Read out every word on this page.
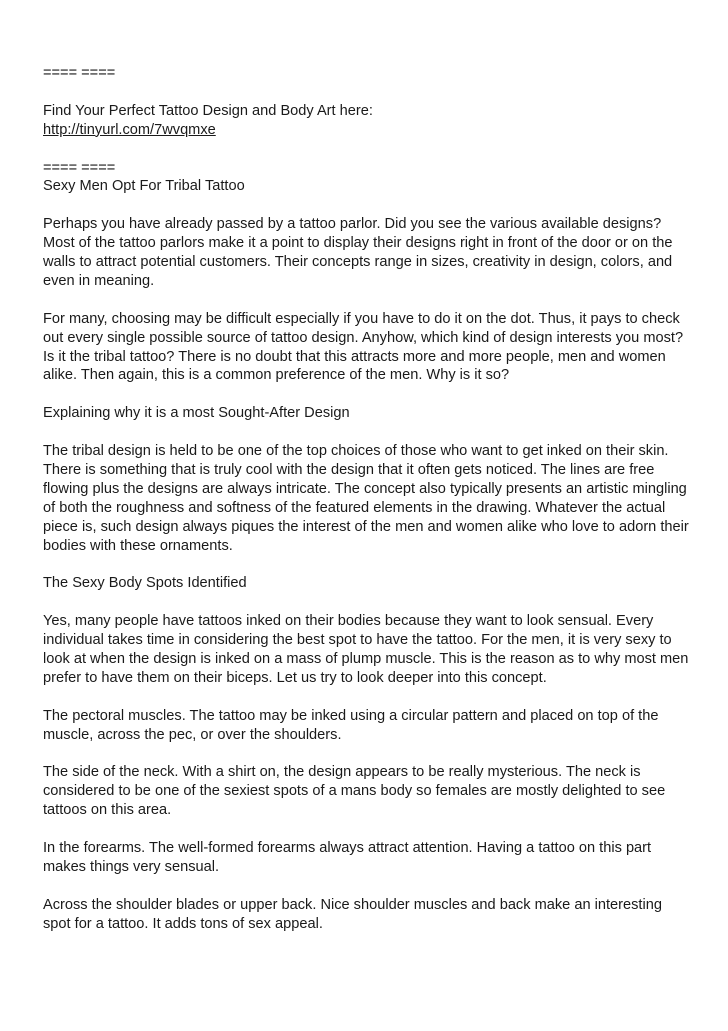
==== ====

Find Your Perfect Tattoo Design and Body Art here:

http://tinyurl.com/7wvqmxe

==== ====

Sexy Men Opt For Tribal Tattoo

Perhaps you have already passed by a tattoo parlor. Did you see the various available designs? Most of the tattoo parlors make it a point to display their designs right in front of the door or on the walls to attract potential customers. Their concepts range in sizes, creativity in design, colors, and even in meaning.

For many, choosing may be difficult especially if you have to do it on the dot. Thus, it pays to check out every single possible source of tattoo design. Anyhow, which kind of design interests you most? Is it the tribal tattoo? There is no doubt that this attracts more and more people, men and women alike. Then again, this is a common preference of the men. Why is it so?

Explaining why it is a most Sought-After Design

The tribal design is held to be one of the top choices of those who want to get inked on their skin. There is something that is truly cool with the design that it often gets noticed. The lines are free flowing plus the designs are always intricate. The concept also typically presents an artistic mingling of both the roughness and softness of the featured elements in the drawing. Whatever the actual piece is, such design always piques the interest of the men and women alike who love to adorn their bodies with these ornaments.

The Sexy Body Spots Identified

Yes, many people have tattoos inked on their bodies because they want to look sensual. Every individual takes time in considering the best spot to have the tattoo. For the men, it is very sexy to look at when the design is inked on a mass of plump muscle. This is the reason as to why most men prefer to have them on their biceps. Let us try to look deeper into this concept.

The pectoral muscles. The tattoo may be inked using a circular pattern and placed on top of the muscle, across the pec, or over the shoulders.

The side of the neck. With a shirt on, the design appears to be really mysterious. The neck is considered to be one of the sexiest spots of a mans body so females are mostly delighted to see tattoos on this area.

In the forearms. The well-formed forearms always attract attention. Having a tattoo on this part makes things very sensual.

Across the shoulder blades or upper back. Nice shoulder muscles and back make an interesting spot for a tattoo. It adds tons of sex appeal.
